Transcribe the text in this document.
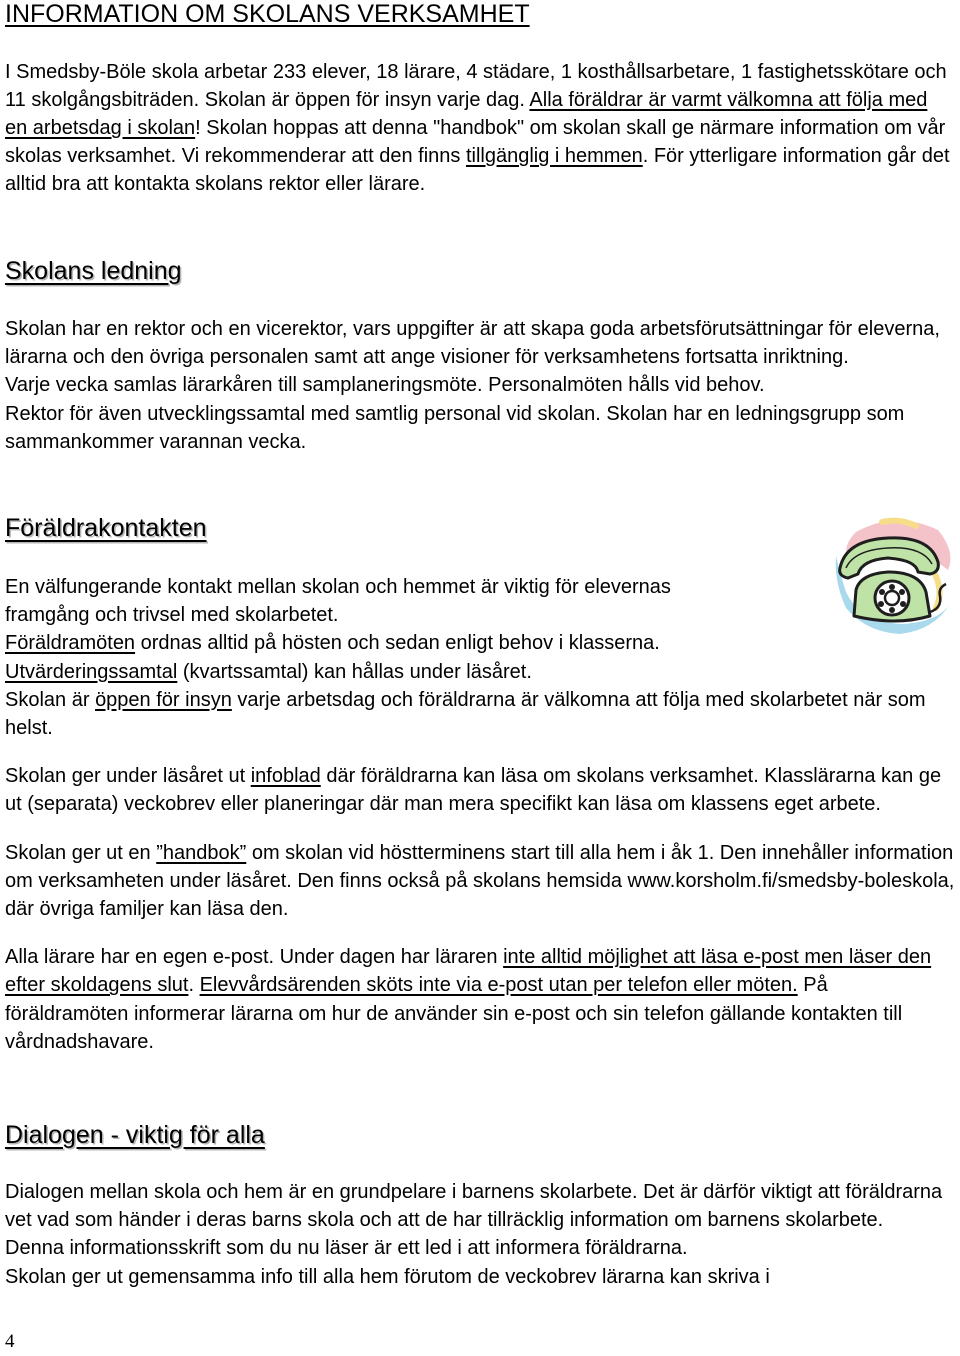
INFORMATION OM SKOLANS VERKSAMHET

I Smedsby-Böle skola arbetar 233 elever, 18 lärare, 4 städare, 1 kosthållsarbetare, 1 fastighetsskötare och 11 skolgångsbiträden. Skolan är öppen för insyn varje dag. Alla föräldrar är varmt välkomna att följa med en arbetsdag i skolan! Skolan hoppas att denna "handbok" om skolan skall ge närmare information om vår skolas verksamhet. Vi rekommenderar att den finns tillgänglig i hemmen. För ytterligare information går det alltid bra att kontakta skolans rektor eller lärare.

Skolans ledning

Skolan har en rektor och en vicerektor, vars uppgifter är att skapa goda arbetsförutsättningar för eleverna, lärarna och den övriga personalen samt att ange visioner för verksamhetens fortsatta inriktning.

Varje vecka samlas lärarkåren till samplaneringsmöte. Personalmöten hålls vid behov.

Rektor för även utvecklingssamtal med samtlig personal vid skolan. Skolan har en ledningsgrupp som sammankommer varannan vecka.

Föräldrakontakten

En välfungerande kontakt mellan skolan och hemmet är viktig för elevernas framgång och trivsel med skolarbetet.

Föräldramöten ordnas alltid på hösten och sedan enligt behov i klasserna.

Utvärderingssamtal (kvartssamtal) kan hållas under läsåret.

Skolan är öppen för insyn varje arbetsdag och föräldrarna är välkomna att följa med skolarbetet när som helst.

Skolan ger under läsåret ut infoblad där föräldrarna kan läsa om skolans verksamhet. Klasslärarna kan ge ut (separata) veckobrev eller planeringar där man mera specifikt kan läsa om klassens eget arbete.

Skolan ger ut en ”handbok” om skolan vid höstterminens start till alla hem i åk 1. Den innehåller information om verksamheten under läsåret. Den finns också på skolans hemsida www.korsholm.fi/smedsby-boleskola, där övriga familjer kan läsa den.

Alla lärare har en egen e-post. Under dagen har läraren inte alltid möjlighet att läsa e-post men läser den efter skoldagens slut. Elevvårdsärenden sköts inte via e-post utan per telefon eller möten. På föräldramöten informerar lärarna om hur de använder sin e-post och sin telefon gällande kontakten till vårdnadshavare.

Dialogen - viktig för alla

Dialogen mellan skola och hem är en grundpelare i barnens skolarbete. Det är därför viktigt att föräldrarna vet vad som händer i deras barns skola och att de har tillräcklig information om barnens skolarbete.

Denna informationsskrift som du nu läser är ett led i att informera föräldrarna.

Skolan ger ut gemensamma info till alla hem förutom de veckobrev lärarna kan skriva i

4
